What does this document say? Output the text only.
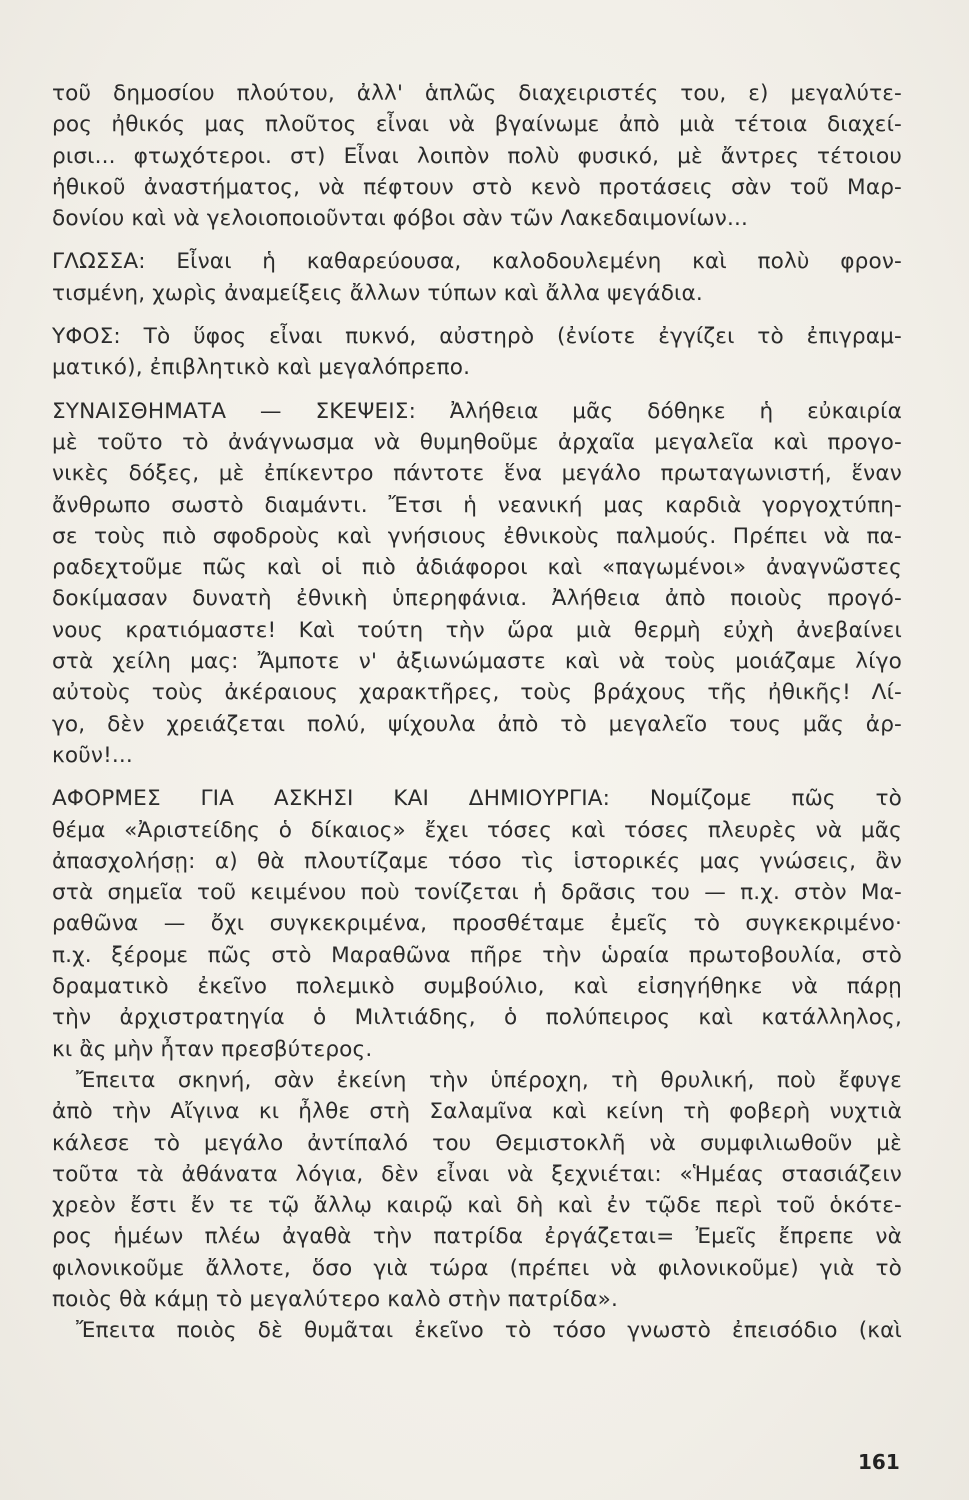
τοῦ δημοσίου πλούτου, ἀλλ' ἁπλῶς διαχειριστές του, ε) μεγαλύτε-
ρος ἠθικός μας πλοῦτος εἶναι νὰ βγαίνωμε ἀπὸ μιὰ τέτοια διαχεί-
ρισι... φτωχότεροι. στ) Εἶναι λοιπὸν πολὺ φυσικό, μὲ ἄντρες τέτοιου
ἠθικοῦ ἀναστήματος, νὰ πέφτουν στὸ κενὸ προτάσεις σὰν τοῦ Μαρ-
δονίου καὶ νὰ γελοιοποιοῦνται φόβοι σὰν τῶν Λακεδαιμονίων...
ΓΛΩΣΣΑ: Εἶναι ἡ καθαρεύουσα, καλοδουλεμένη καὶ πολὺ φρον-
τισμένη, χωρὶς ἀναμείξεις ἄλλων τύπων καὶ ἄλλα ψεγάδια.
ΥΦΟΣ: Τὸ ὕφος εἶναι πυκνό, αὐστηρὸ (ἐνίοτε ἐγγίζει τὸ ἐπιγραμ-
ματικό), ἐπιβλητικὸ καὶ μεγαλόπρεπο.
ΣΥΝΑΙΣΘΗΜΑΤΑ — ΣΚΕΨΕΙΣ: Ἀλήθεια μᾶς δόθηκε ἡ εὐκαιρία
μὲ τοῦτο τὸ ἀνάγνωσμα νὰ θυμηθοῦμε ἀρχαῖα μεγαλεῖα καὶ προγο-
νικὲς δόξες, μὲ ἐπίκεντρο πάντοτε ἕνα μεγάλο πρωταγωνιστή, ἕναν
ἄνθρωπο σωστὸ διαμάντι. Ἔτσι ἡ νεανική μας καρδιὰ γοργοχτύπη-
σε τοὺς πιὸ σφοδροὺς καὶ γνήσιους ἐθνικοὺς παλμούς. Πρέπει νὰ πα-
ραδεχτοῦμε πῶς καὶ οἱ πιὸ ἀδιάφοροι καὶ «παγωμένοι» ἀναγνῶστες
δοκίμασαν δυνατὴ ἐθνικὴ ὑπερηφάνια. Ἀλήθεια ἀπὸ ποιοὺς προγό-
νους κρατιόμαστε! Καὶ τούτη τὴν ὥρα μιὰ θερμὴ εὐχὴ ἀνεβαίνει
στὰ χείλη μας: Ἄμποτε ν' ἀξιωνώμαστε καὶ νὰ τοὺς μοιάζαμε λίγο
αὐτοὺς τοὺς ἀκέραιους χαρακτῆρες, τοὺς βράχους τῆς ἠθικῆς! Λί-
γο, δὲν χρειάζεται πολύ, ψίχουλα ἀπὸ τὸ μεγαλεῖο τους μᾶς ἀρ-
κοῦν!...
ΑΦΟΡΜΕΣ ΓΙΑ ΑΣΚΗΣΙ ΚΑΙ ΔΗΜΙΟΥΡΓΙΑ: Νομίζομε πῶς τὸ
θέμα «Ἀριστείδης ὁ δίκαιος» ἔχει τόσες καὶ τόσες πλευρὲς νὰ μᾶς
ἀπασχολήσῃ: α) θὰ πλουτίζαμε τόσο τὶς ἱστορικές μας γνώσεις, ἂν
στὰ σημεῖα τοῦ κειμένου ποὺ τονίζεται ἡ δρᾶσις του — π.χ. στὸν Μα-
ραθῶνα — ὄχι συγκεκριμένα, προσθέταμε ἐμεῖς τὸ συγκεκριμένο·
π.χ. ξέρομε πῶς στὸ Μαραθῶνα πῆρε τὴν ὡραία πρωτοβουλία, στὸ
δραματικὸ ἐκεῖνο πολεμικὸ συμβούλιο, καὶ εἰσηγήθηκε νὰ πάρῃ
τὴν ἀρχιστρατηγία ὁ Μιλτιάδης, ὁ πολύπειρος καὶ κατάλληλος,
κι ἂς μὴν ἦταν πρεσβύτερος.
Ἔπειτα σκηνή, σὰν ἐκείνη τὴν ὑπέροχη, τὴ θρυλική, ποὺ ἔφυγε
ἀπὸ τὴν Αἴγινα κι ἦλθε στὴ Σαλαμῖνα καὶ κείνη τὴ φοβερὴ νυχτιὰ
κάλεσε τὸ μεγάλο ἀντίπαλό του Θεμιστοκλῆ νὰ συμφιλιωθοῦν μὲ
τοῦτα τὰ ἀθάνατα λόγια, δὲν εἶναι νὰ ξεχνιέται: «Ἡμέας στασιάζειν
χρεὸν ἔστι ἔν τε τῷ ἄλλῳ καιρῷ καὶ δὴ καὶ ἐν τῷδε περὶ τοῦ ὁκότε-
ρος ἡμέων πλέω ἀγαθὰ τὴν πατρίδα ἐργάζεται= Ἐμεῖς ἔπρεπε νὰ
φιλονικοῦμε ἄλλοτε, ὅσο γιὰ τώρα (πρέπει νὰ φιλονικοῦμε) γιὰ τὸ
ποιὸς θὰ κάμῃ τὸ μεγαλύτερο καλὸ στὴν πατρίδα».
Ἔπειτα ποιὸς δὲ θυμᾶται ἐκεῖνο τὸ τόσο γνωστὸ ἐπεισόδιο (καὶ
161
